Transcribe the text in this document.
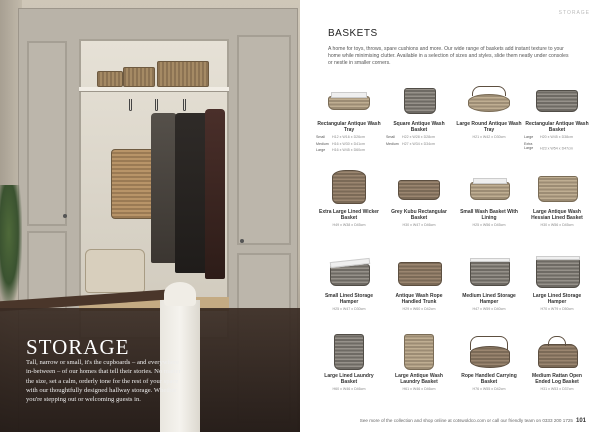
STORAGE
Tall, narrow or small, it's the cupboards – and everywhere in-between – of our homes that tell their stories. No matter the size, set a calm, orderly tone for the rest of your space with our thoughtfully designed hallway storage. Whether you're stepping out or welcoming guests in.
STORAGE
BASKETS
A home for toys, throws, spare cushions and more. Our wide range of baskets add instant texture to your home while minimising clutter. Available in a selection of sizes and styles, slide them neatly under consoles or nestle in smaller corners.
Rectangular Antique Wash Tray
Small H12 x W16 x D26cm
Medium H16 x W30 x D41cm
Large H16 x W45 x D60cm
Square Antique Wash Basket
Small H22 x W28 x D28cm
Medium H27 x W34 x D34cm
Large Round Antique Wash Tray
H21 x W42 x D30cm
Rectangular Antique Wash Basket
Large H20 x W45 x D38cm
Extra Large H23 x W54 x D47cm
Extra Large Lined Wicker Basket
H49 x W38 x D45cm
Grey Kubu Rectangular Basket
H30 x W47 x D46cm
Small Wash Basket With Lining
H25 x W56 x D45cm
Large Antique Wash Hessian Lined Basket
H30 x W56 x D45cm
Small Lined Storage Hamper
H25 x W47 x D30cm
Antique Wash Rope Handled Trunk
H29 x W60 x D42cm
Medium Lined Storage Hamper
H47 x W59 x D40cm
Large Lined Storage Hamper
H70 x W79 x D50cm
Large Lined Laundry Basket
H60 x W46 x D46cm
Large Antique Wash Laundry Basket
H61 x W46 x D46cm
Rope Handled Carrying Basket
H76 x W55 x D42cm
Medium Rattan Open Ended Log Basket
H31 x W53 x D37cm
See more of the collection and shop online at cotswoldco.com or call our friendly team on 0333 200 1725 101
